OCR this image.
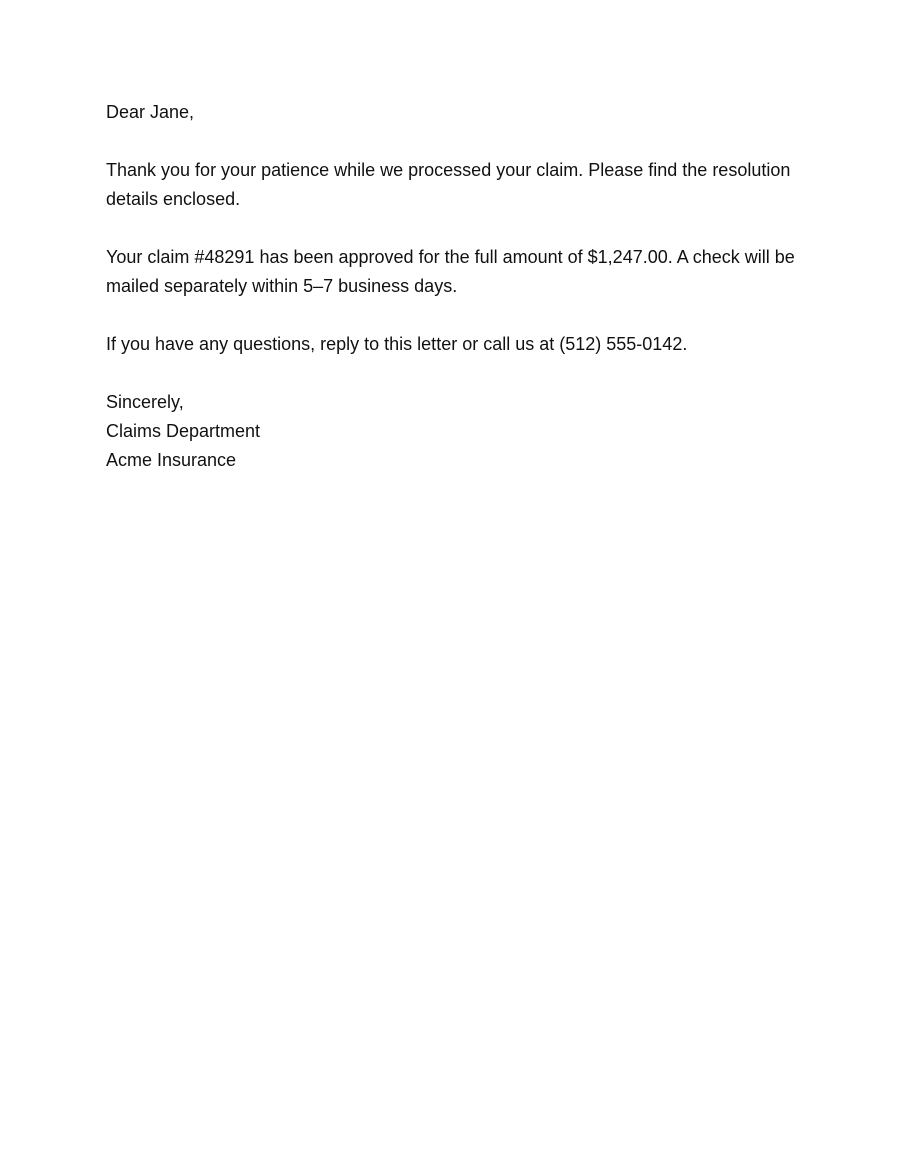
Dear Jane,

Thank you for your patience while we processed your claim. Please find the resolution details enclosed.

Your claim #48291 has been approved for the full amount of $1,247.00. A check will be mailed separately within 5–7 business days.

If you have any questions, reply to this letter or call us at (512) 555-0142.

Sincerely,

Claims Department

Acme Insurance
